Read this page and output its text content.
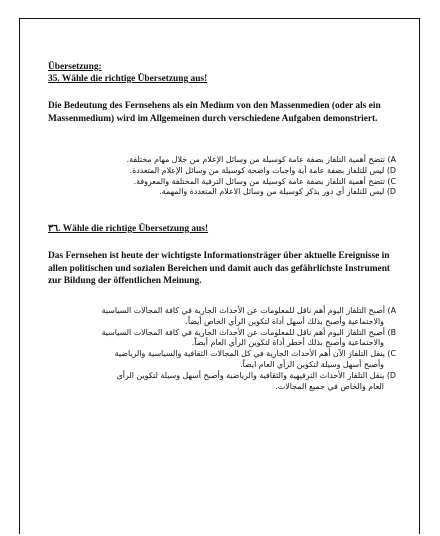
Übersetzung:
35. Wähle die richtige Übersetzung aus!

Die Bedeutung des Fernsehens als ein Medium von den Massenmedien (oder als ein Massenmedium) wird im Allgemeinen durch verschiedene Aufgaben demonstriert.

A) تتضح أهمية التلفاز بصفة عامة كوسيلة من وسائل الإعلام من خلال مهام مختلفة.
D) ليس للتلفاز بصفة عامة أية واجبات واضحة كوسيلة من وسائل الإعلام المتعددة.
C) تتضح أهمية التلفاز بصفة عامة كوسيلة من وسائل الترفية المختلفة والمعروفة.
D) ليس للتلفاز أي دور يذكر كوسيلة من وسائل الاعلام المتعددة والمهمة.
٣٦. Wähle die richtige Übersetzung aus!

Das Fernsehen ist heute der wichtigste Informationsträger über aktuelle Ereignisse in allen politischen und sozialen Bereichen und damit auch das gefährlichste Instrument zur Bildung der öffentlichen Meinung.

A) أصبح التلفاز اليوم أهم ناقل للمعلومات عن الأحداث الجارية في كافة المجالات السياسية
والاجتماعية وأصبح بذلك أسهل أداة لتكوين الرأي الخاص أيضاً.
B) أصبح التلفاز اليوم أهم ناقل للمعلومات عن الأحداث الجارية في كافة المجالات السياسية
والاجتماعية وأصبح بذلك أخطر أداة لتكوين الرأي العام أيضاً.
C) ينقل التلفاز الآن أهم الأحداث الجارية في كل المجالات الثقافية والسياسية والرياضية
وأصبح أسهل وسيلة لتكوين الرأي العام ايضاً.
D) ينقل التلفاز الأحداث الترفيهية والثقافية والرياضية وأصبح أسهل وسيلة لتكوين الرأى
العام والخاص في جميع المجالات.
